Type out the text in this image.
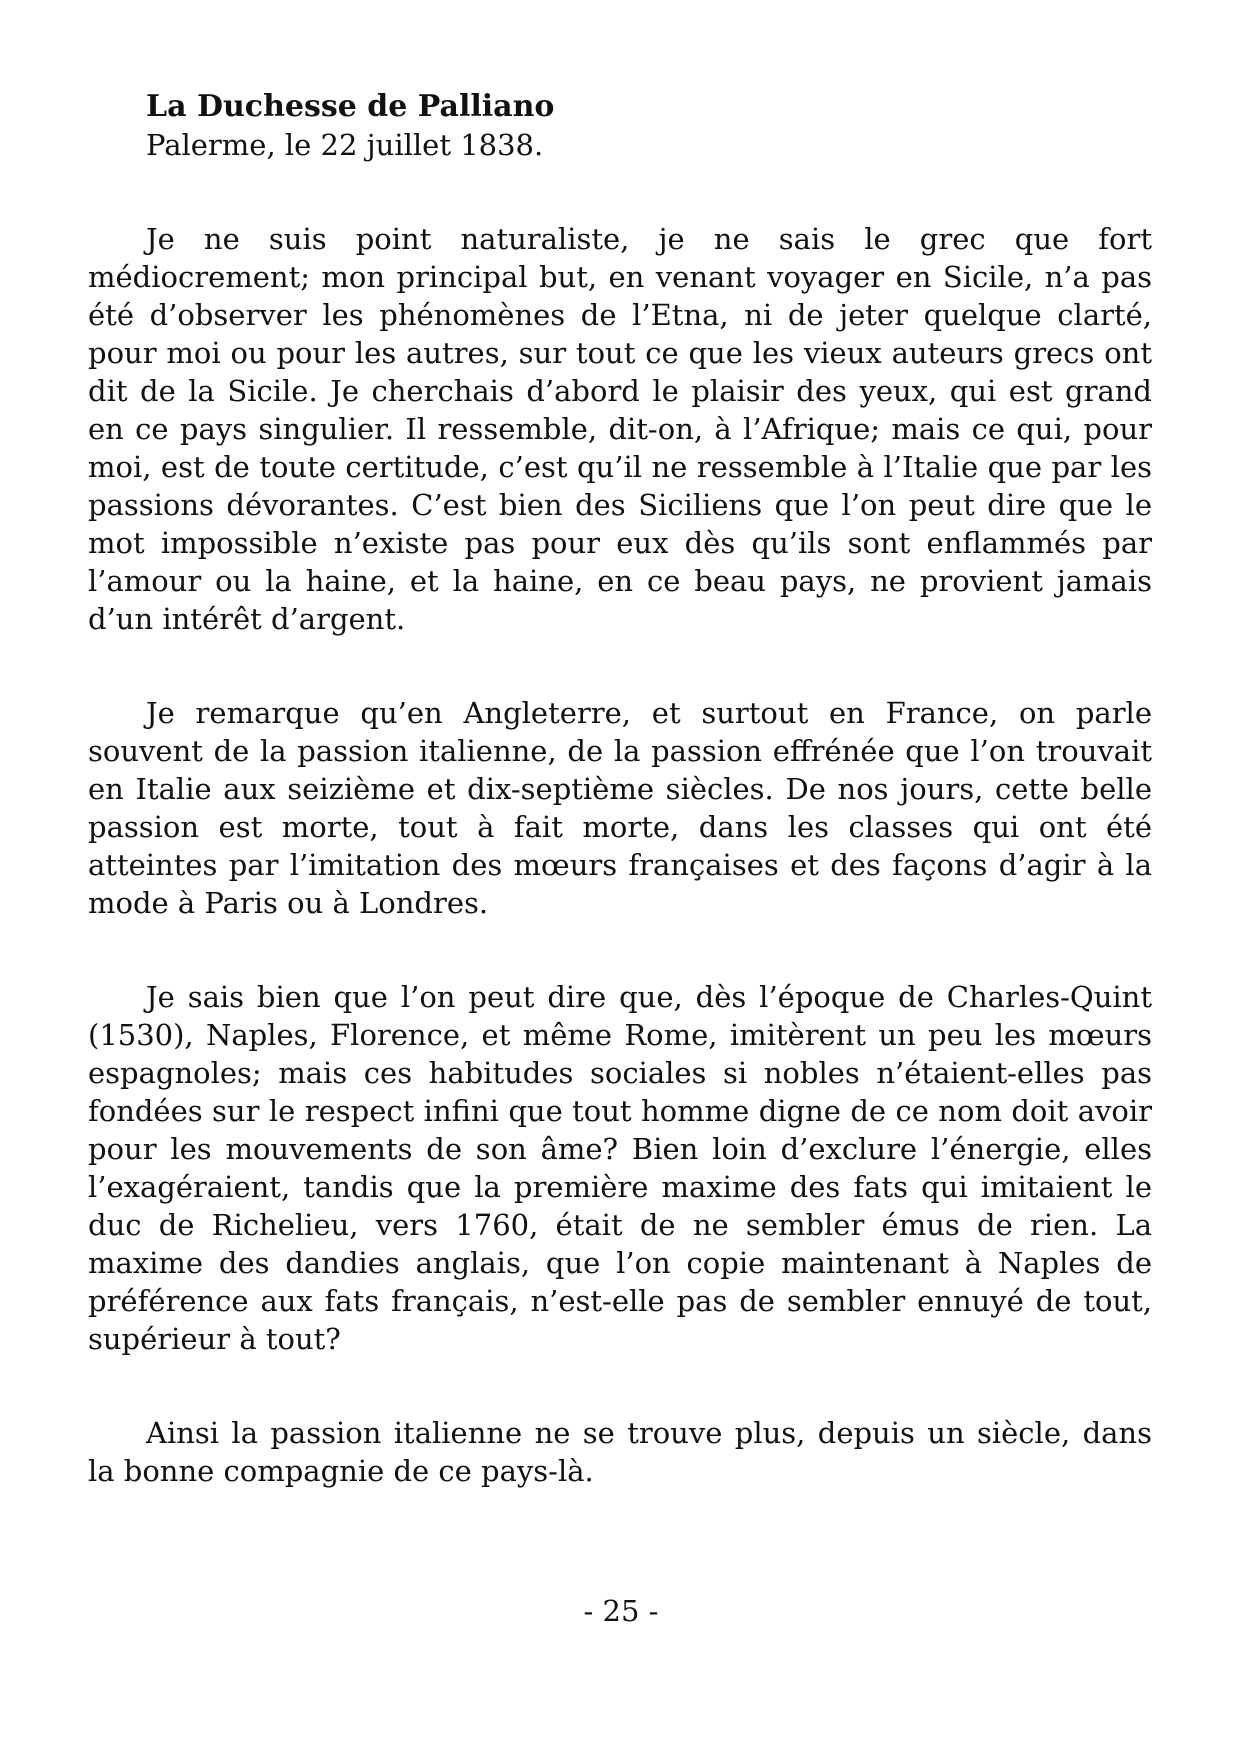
La Duchesse de Palliano
Palerme, le 22 juillet 1838.

Je ne suis point naturaliste, je ne sais le grec que fort médiocrement; mon principal but, en venant voyager en Sicile, n’a pas été d’observer les phénomènes de l’Etna, ni de jeter quelque clarté, pour moi ou pour les autres, sur tout ce que les vieux auteurs grecs ont dit de la Sicile. Je cherchais d’abord le plaisir des yeux, qui est grand en ce pays singulier. Il ressemble, dit-on, à l’Afrique; mais ce qui, pour moi, est de toute certitude, c’est qu’il ne ressemble à l’Italie que par les passions dévorantes. C’est bien des Siciliens que l’on peut dire que le mot impossible n’existe pas pour eux dès qu’ils sont enflammés par l’amour ou la haine, et la haine, en ce beau pays, ne provient jamais d’un intérêt d’argent.

Je remarque qu’en Angleterre, et surtout en France, on parle souvent de la passion italienne, de la passion effrénée que l’on trouvait en Italie aux seizième et dix-septième siècles. De nos jours, cette belle passion est morte, tout à fait morte, dans les classes qui ont été atteintes par l’imitation des mœurs françaises et des façons d’agir à la mode à Paris ou à Londres.

Je sais bien que l’on peut dire que, dès l’époque de Charles-Quint (1530), Naples, Florence, et même Rome, imitèrent un peu les mœurs espagnoles; mais ces habitudes sociales si nobles n’étaient-elles pas fondées sur le respect infini que tout homme digne de ce nom doit avoir pour les mouvements de son âme? Bien loin d’exclure l’énergie, elles l’exagéraient, tandis que la première maxime des fats qui imitaient le duc de Richelieu, vers 1760, était de ne sembler émus de rien. La maxime des dandies anglais, que l’on copie maintenant à Naples de préférence aux fats français, n’est-elle pas de sembler ennuyé de tout, supérieur à tout?

Ainsi la passion italienne ne se trouve plus, depuis un siècle, dans la bonne compagnie de ce pays-là.

- 25 -
